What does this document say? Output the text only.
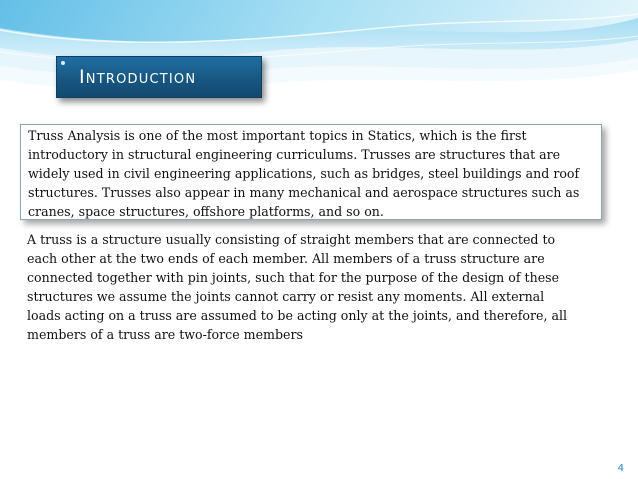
Introduction
Truss Analysis is one of the most important topics in Statics, which is the first
introductory in structural engineering curriculums. Trusses are structures that are
widely used in civil engineering applications, such as bridges, steel buildings and roof
structures. Trusses also appear in many mechanical and aerospace structures such as
cranes, space structures, offshore platforms, and so on.
A truss is a structure usually consisting of straight members that are connected to
each other at the two ends of each member. All members of a truss structure are
connected together with pin joints, such that for the purpose of the design of these
structures we assume the joints cannot carry or resist any moments. All external
loads acting on a truss are assumed to be acting only at the joints, and therefore, all
members of a truss are two-force members
4
